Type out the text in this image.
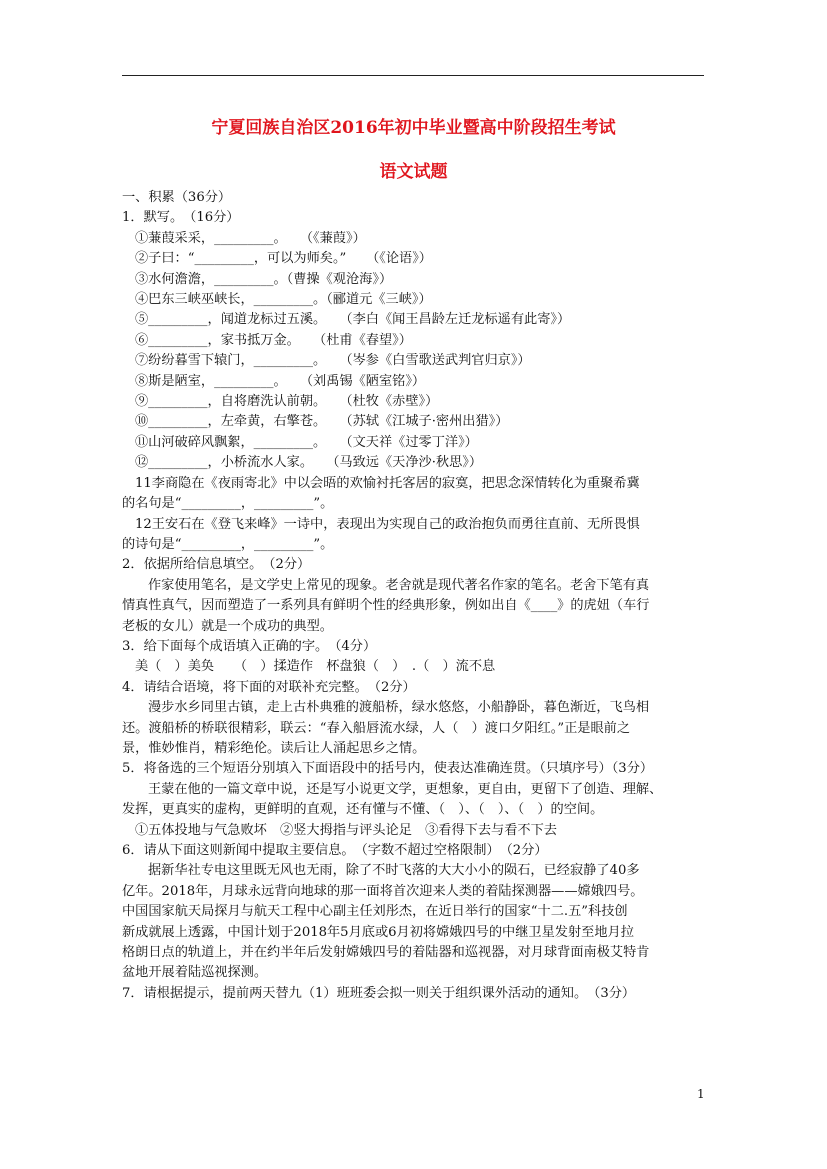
宁夏回族自治区2016年初中毕业暨高中阶段招生考试
语文试题
一、积累（36分）
1．默写。　（16分）
①蒹葭采采，_________。　　（《蒹葭》）
②子曰：“_________，可以为师矣。”　　（《论语》）
③水何澹澹，_________。（曹操《观沧海》）
④巴东三峡巫峡长，_________。（郦道元《三峡》）
⑤_________，闻道龙标过五溪。　　（李白《闻王昌龄左迁龙标遥有此寄》）
⑥_________，家书抵万金。　　（杜甫《春望》）
⑦纷纷暮雪下辕门，_________。　　（岑参《白雪歌送武判官归京》）
⑧斯是陋室，_________。　　（刘禹锡《陋室铭》）
⑨_________，自将磨洗认前朝。　　（杜牧《赤壁》）
⑩_________，左牵黄，右擎苍。　　（苏轼《江城子·密州出猎》）
⑪山河破碎风飘絮，_________。　　（文天祥《过零丁洋》）
⑫_________，小桥流水人家。　　（马致远《天净沙·秋思》）
11李商隐在《夜雨寄北》中以会晤的欢愉衬托客居的寂寞，把思念深情转化为重聚希冀
的名句是“_________，_________”。
12王安石在《登飞来峰》一诗中，表现出为实现自己的政治抱负而勇往直前、无所畏惧
的诗句是“_________，_________”。
2．依据所给信息填空。　（2分）
作家使用笔名，是文学史上常见的现象。老舍就是现代著名作家的笔名。老舍下笔有真
情真性真气，因而塑造了一系列具有鲜明个性的经典形象，例如出自《____》的虎妞（车行
老板的女儿）就是一个成功的典型。
3．给下面每个成语填入正确的字。　（4分）
美（　）美奂　　（　）揉造作　杯盘狼（　）　.（　）流不息
4．请结合语境，将下面的对联补充完整。　（2分）
漫步水乡同里古镇，走上古朴典雅的渡船桥，绿水悠悠，小船静卧，暮色渐近，飞鸟相
还。渡船桥的桥联很精彩，联云：“春入船唇流水绿，人（　）渡口夕阳红。”正是眼前之
景，惟妙惟肖，精彩绝伦。读后让人涌起思乡之情。
5．将备选的三个短语分别填入下面语段中的括号内，使表达准确连贯。（只填序号）（3分）
王蒙在他的一篇文章中说，还是写小说更文学，更想象，更自由，更留下了创造、理解、
发挥，更真实的虚构，更鲜明的直观，还有懂与不懂、（　）、（　）、（　）的空间。
①五体投地与气急败坏　②竖大拇指与评头论足　③看得下去与看不下去
6．请从下面这则新闻中提取主要信息。　（字数不超过空格限制）　（2分）
据新华社专电这里既无风也无雨，除了不时飞落的大大小小的陨石，已经寂静了40多
亿年。2018年，月球永远背向地球的那一面将首次迎来人类的着陆探测器——嫦娥四号。
中国国家航天局探月与航天工程中心副主任刘彤杰，在近日举行的国家“十二.五”科技创
新成就展上透露，中国计划于2018年5月底或6月初将嫦娥四号的中继卫星发射至地月拉
格朗日点的轨道上，并在约半年后发射嫦娥四号的着陆器和巡视器，对月球背面南极艾特肯
盆地开展着陆巡视探测。
7．请根据提示，提前两天替九（1）班班委会拟一则关于组织课外活动的通知。　（3分）
1
